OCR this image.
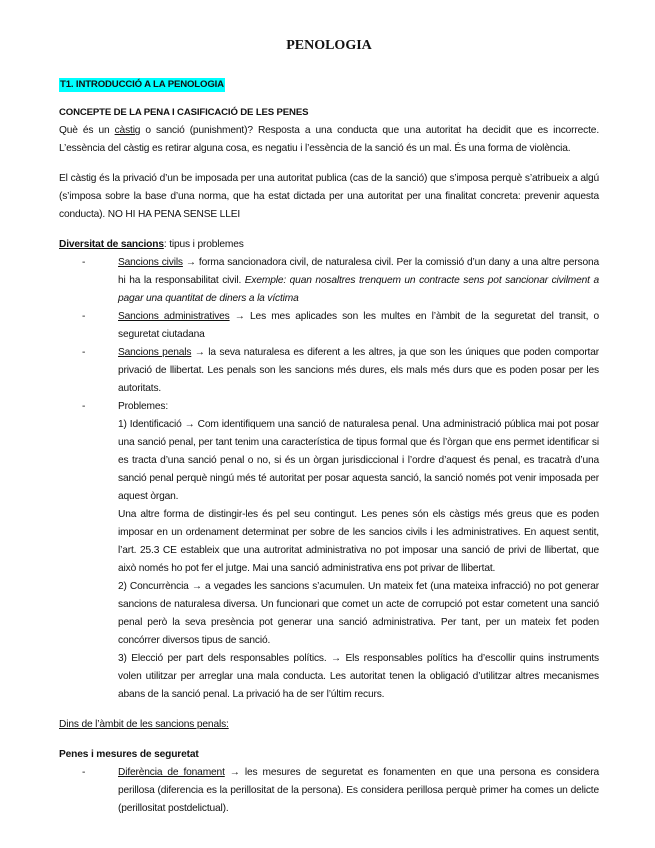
PENOLOGIA
T1. INTRODUCCIÓ A LA PENOLOGIA
CONCEPTE DE LA PENA I CASIFICACIÓ DE LES PENES

Què és un càstig o sanció (punishment)? Resposta a una conducta que una autoritat ha decidit que es incorrecte. L’essència del càstig es retirar alguna cosa, es negatiu i l’essència de la sanció és un mal. És una forma de violència.

El càstig és la privació d’un be imposada per una autoritat publica (cas de la sanció) que s’imposa perquè s’atribueix a algú (s’imposa sobre la base d’una norma, que ha estat dictada per una autoritat per una finalitat concreta: prevenir aquesta conducta). NO HI HA PENA SENSE LLEI

Diversitat de sancions: tipus i problemes

-	Sancions civils → forma sancionadora civil, de naturalesa civil. Per la comissió d’un dany a una altre persona hi ha la responsabilitat civil. Exemple: quan nosaltres trenquem un contracte sens pot sancionar civilment a pagar una quantitat de diners a la víctima
-	Sancions administratives → Les mes aplicades son les multes en l’àmbit de la seguretat del transit, o seguretat ciutadana
-	Sancions penals → la seva naturalesa es diferent a les altres, ja que son les úniques que poden comportar privació de llibertat. Les penals son les sancions més dures, els mals més durs que es poden posar per les autoritats.
-	Problemes:

1) Identificació → Com identifiquem una sanció de naturalesa penal. Una administració pública mai pot posar una sanció penal, per tant tenim una característica de tipus formal que és l’òrgan que ens permet identificar si es tracta d’una sanció penal o no, si és un òrgan jurisdiccional i l’ordre d’aquest és penal, es tracatrà d’una sanció penal perquè ningú més té autoritat per posar aquesta sanció, la sanció només pot venir imposada per aquest òrgan.

Una altre forma de distingir-les és pel seu contingut. Les penes són els càstigs més greus que es poden imposar en un ordenament determinat per sobre de les sancios civils i les administratives. En aquest sentit, l’art. 25.3 CE estableix que una autroritat administrativa no pot imposar una sanció de privi de llibertat, que això només ho pot fer el jutge. Mai una sanció administrativa ens pot privar de llibertat.

2) Concurrència → a vegades les sancions s’acumulen. Un mateix fet (una mateixa infracció) no pot generar sancions de naturalesa diversa. Un funcionari que comet un acte de corrupció pot estar cometent una sanció penal però la seva presència pot generar una sanció administrativa. Per tant, per un mateix fet poden concórrer diversos tipus de sanció.

3) Elecció per part dels responsables polítics. → Els responsables polítics ha d’escollir quins instruments volen utilitzar per arreglar una mala conducta. Les autoritat tenen la obligació d’utilitzar altres mecanismes abans de la sanció penal. La privació ha de ser l’últim recurs.

Dins de l’àmbit de les sancions penals:

Penes i mesures de seguretat

-	Diferència de fonament → les mesures de seguretat es fonamenten en que una persona es considera perillosa (diferencia es la perillositat de la persona). Es considera perillosa perquè primer ha comes un delicte (perillositat postdelictual).
